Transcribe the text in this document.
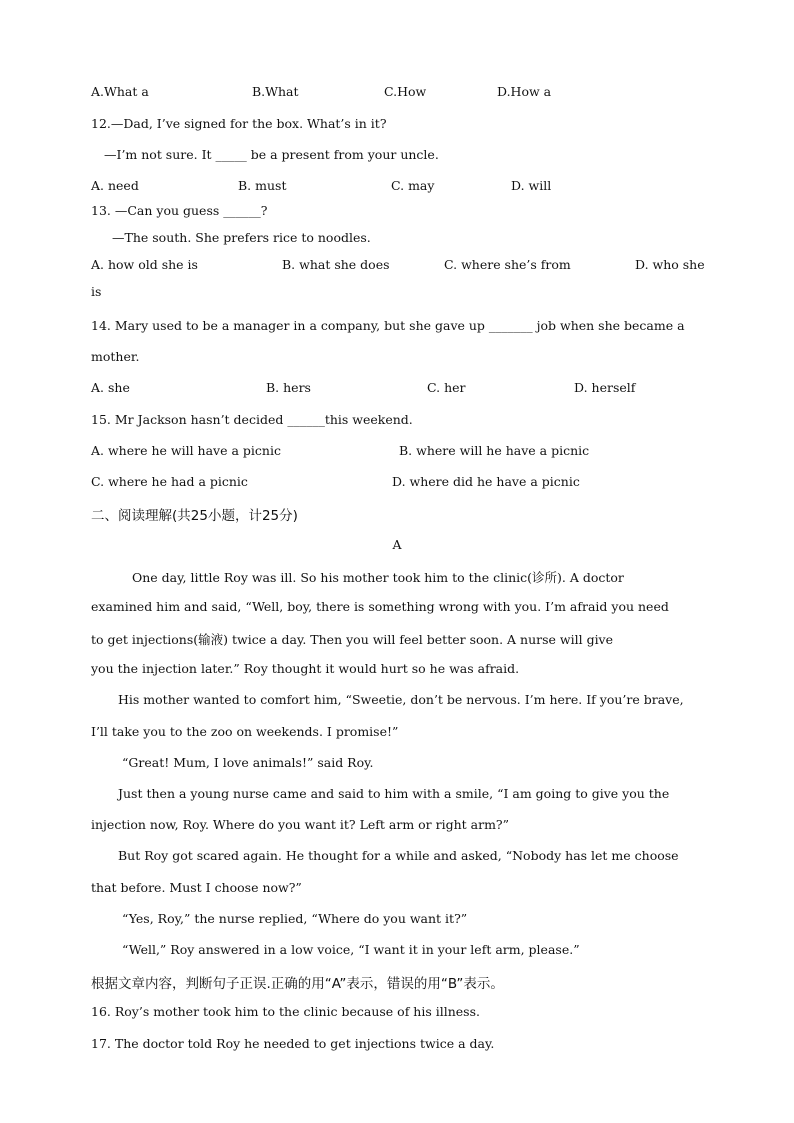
A.What a	B.What	C.How	D.How a
12.—Dad, I’ve signed for the box. What’s in it?
—I’m not sure. It _____ be a present from your uncle.
A. need	B. must	C. may	D. will
13. —Can you guess ______?
—The south. She prefers rice to noodles.
A. how old she is	B. what she does	C. where she’s from	D. who she
is
14. Mary used to be a manager in a company, but she gave up _______ job when she became a
mother.
A. she	B. hers	C. her	D. herself
15. Mr Jackson hasn’t decided ______this weekend.
A. where he will have a picnic	B. where will he have a picnic
C. where he had a picnic	D. where did he have a picnic
二、阅读理解(共25小题，计25分)
A
One day, little Roy was ill. So his mother took him to the clinic(诊所). A doctor
examined him and said, “Well, boy, there is something wrong with you. I’m afraid you need
to get injections(输液) twice a day. Then you will feel better soon. A nurse will give
you the injection later.” Roy thought it would hurt so he was afraid.
His mother wanted to comfort him, “Sweetie, don’t be nervous. I’m here. If you’re brave,
I’ll take you to the zoo on weekends. I promise!”
“Great! Mum, I love animals!” said Roy.
Just then a young nurse came and said to him with a smile, “I am going to give you the
injection now, Roy. Where do you want it? Left arm or right arm?”
But Roy got scared again. He thought for a while and asked, “Nobody has let me choose
that before. Must I choose now?”
“Yes, Roy,” the nurse replied, “Where do you want it?”
“Well,” Roy answered in a low voice, “I want it in your left arm, please.”
根据文章内容，判断句子正误.正确的用“A”表示，错误的用“B”表示。
16. Roy’s mother took him to the clinic because of his illness.
17. The doctor told Roy he needed to get injections twice a day.
